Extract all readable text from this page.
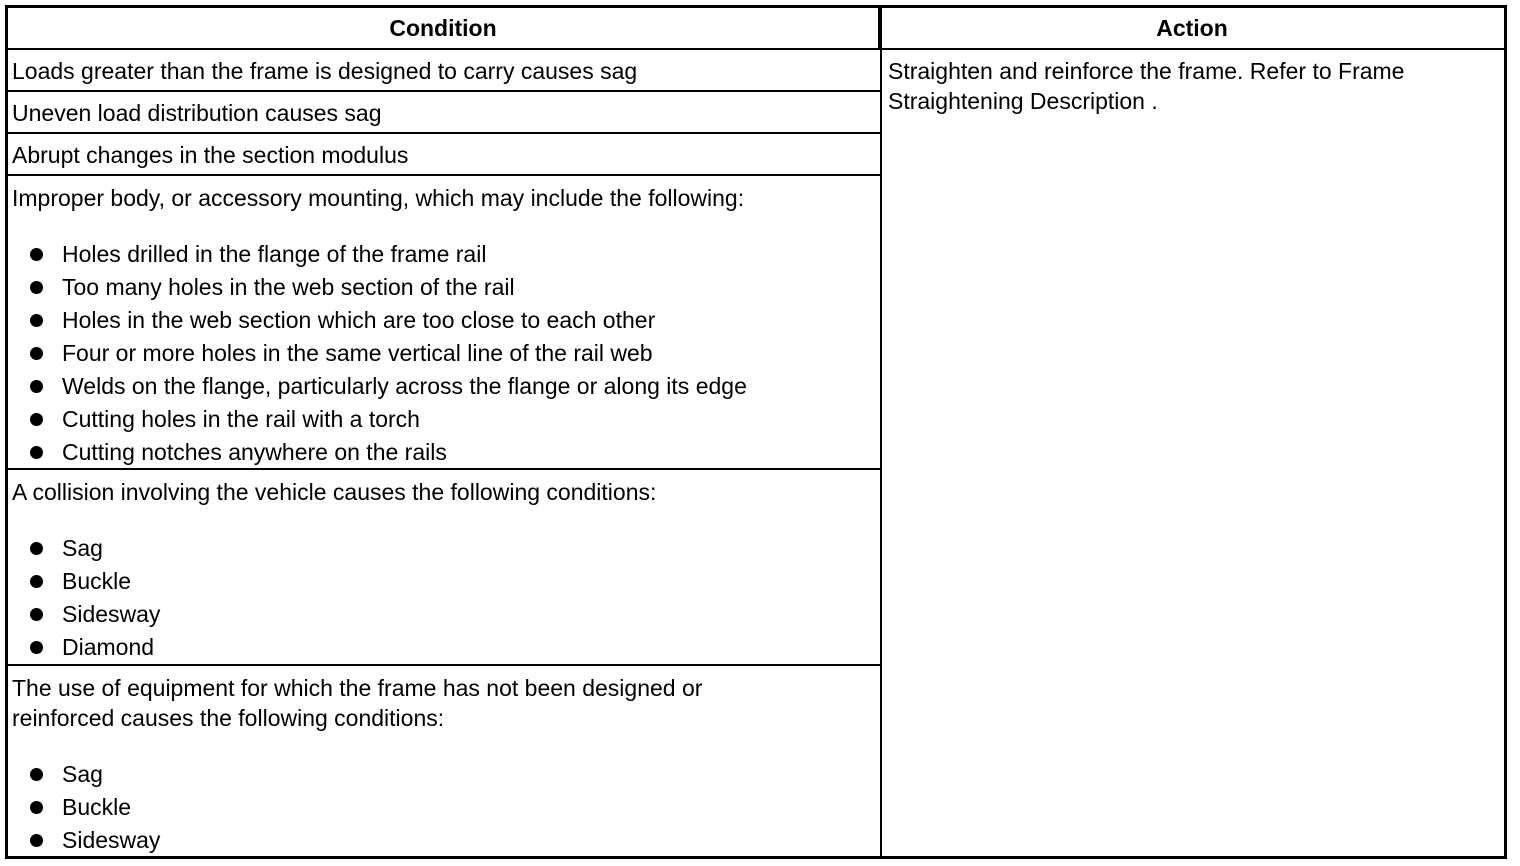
Condition	Action
Loads greater than the frame is designed to carry causes sag
Uneven load distribution causes sag
Abrupt changes in the section modulus
Improper body, or accessory mounting, which may include the following:
Holes drilled in the flange of the frame rail
Too many holes in the web section of the rail
Holes in the web section which are too close to each other
Four or more holes in the same vertical line of the rail web
Welds on the flange, particularly across the flange or along its edge
Cutting holes in the rail with a torch
Cutting notches anywhere on the rails
A collision involving the vehicle causes the following conditions:
Sag
Buckle
Sidesway
Diamond
The use of equipment for which the frame has not been designed or reinforced causes the following conditions:
Sag
Buckle
Sidesway
Straighten and reinforce the frame. Refer to Frame Straightening Description .
